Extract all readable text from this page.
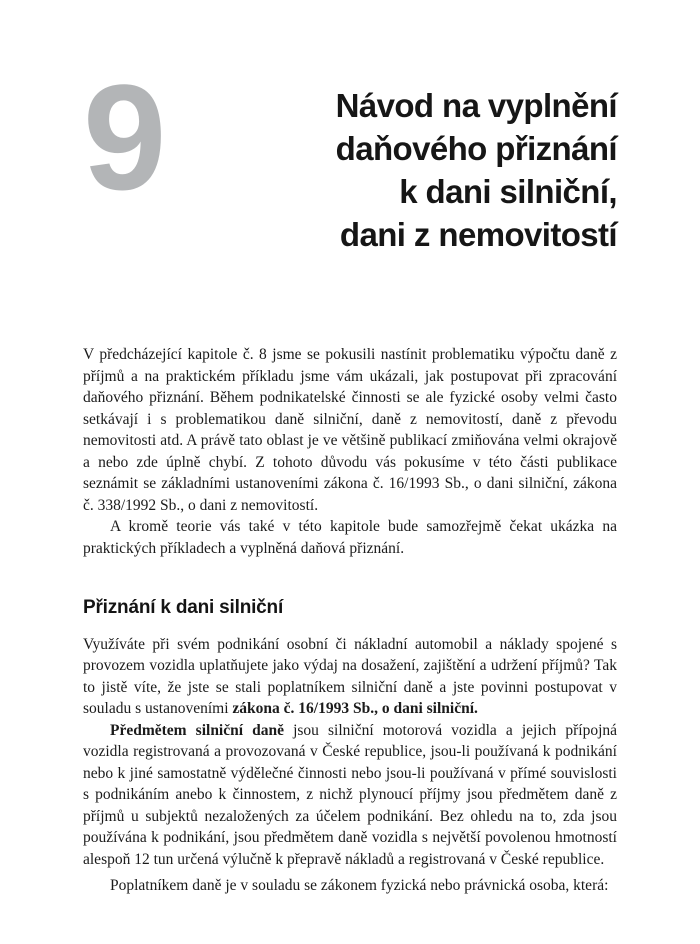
9	Návod na vyplnění
daňového přiznání
k dani silniční,
dani z nemovitostí

V předcházející kapitole č. 8 jsme se pokusili nastínit problematiku výpočtu daně z příjmů a na praktickém příkladu jsme vám ukázali, jak postupovat při zpracování daňového přiznání. Během podnikatelské činnosti se ale fyzické osoby velmi často setkávají i s problematikou daně silniční, daně z nemovitostí, daně z převodu nemovitosti atd. A právě tato oblast je ve většině publikací zmiňována velmi okrajově a nebo zde úplně chybí. Z tohoto důvodu vás pokusíme v této části publikace seznámit se základními ustanoveními zákona č. 16/1993 Sb., o dani silniční, zákona č. 338/1992 Sb., o dani z nemovitostí.

A kromě teorie vás také v této kapitole bude samozřejmě čekat ukázka na praktických příkladech a vyplněná daňová přiznání.

Přiznání k dani silniční

Využíváte při svém podnikání osobní či nákladní automobil a náklady spojené s provozem vozidla uplatňujete jako výdaj na dosažení, zajištění a udržení příjmů? Tak to jistě víte, že jste se stali poplatníkem silniční daně a jste povinni postupovat v souladu s ustanoveními zákona č. 16/1993 Sb., o dani silniční.

Předmětem silniční daně jsou silniční motorová vozidla a jejich přípojná vozidla registrovaná a provozovaná v České republice, jsou-li používaná k podnikání nebo k jiné samostatně výdělečné činnosti nebo jsou-li používaná v přímé souvislosti s podnikáním anebo k činnostem, z nichž plynoucí příjmy jsou předmětem daně z příjmů u subjektů nezaložených za účelem podnikání. Bez ohledu na to, zda jsou používána k podnikání, jsou předmětem daně vozidla s největší povolenou hmotností alespoň 12 tun určená výlučně k přepravě nákladů a registrovaná v České republice.

Poplatníkem daně je v souladu se zákonem fyzická nebo právnická osoba, která:
